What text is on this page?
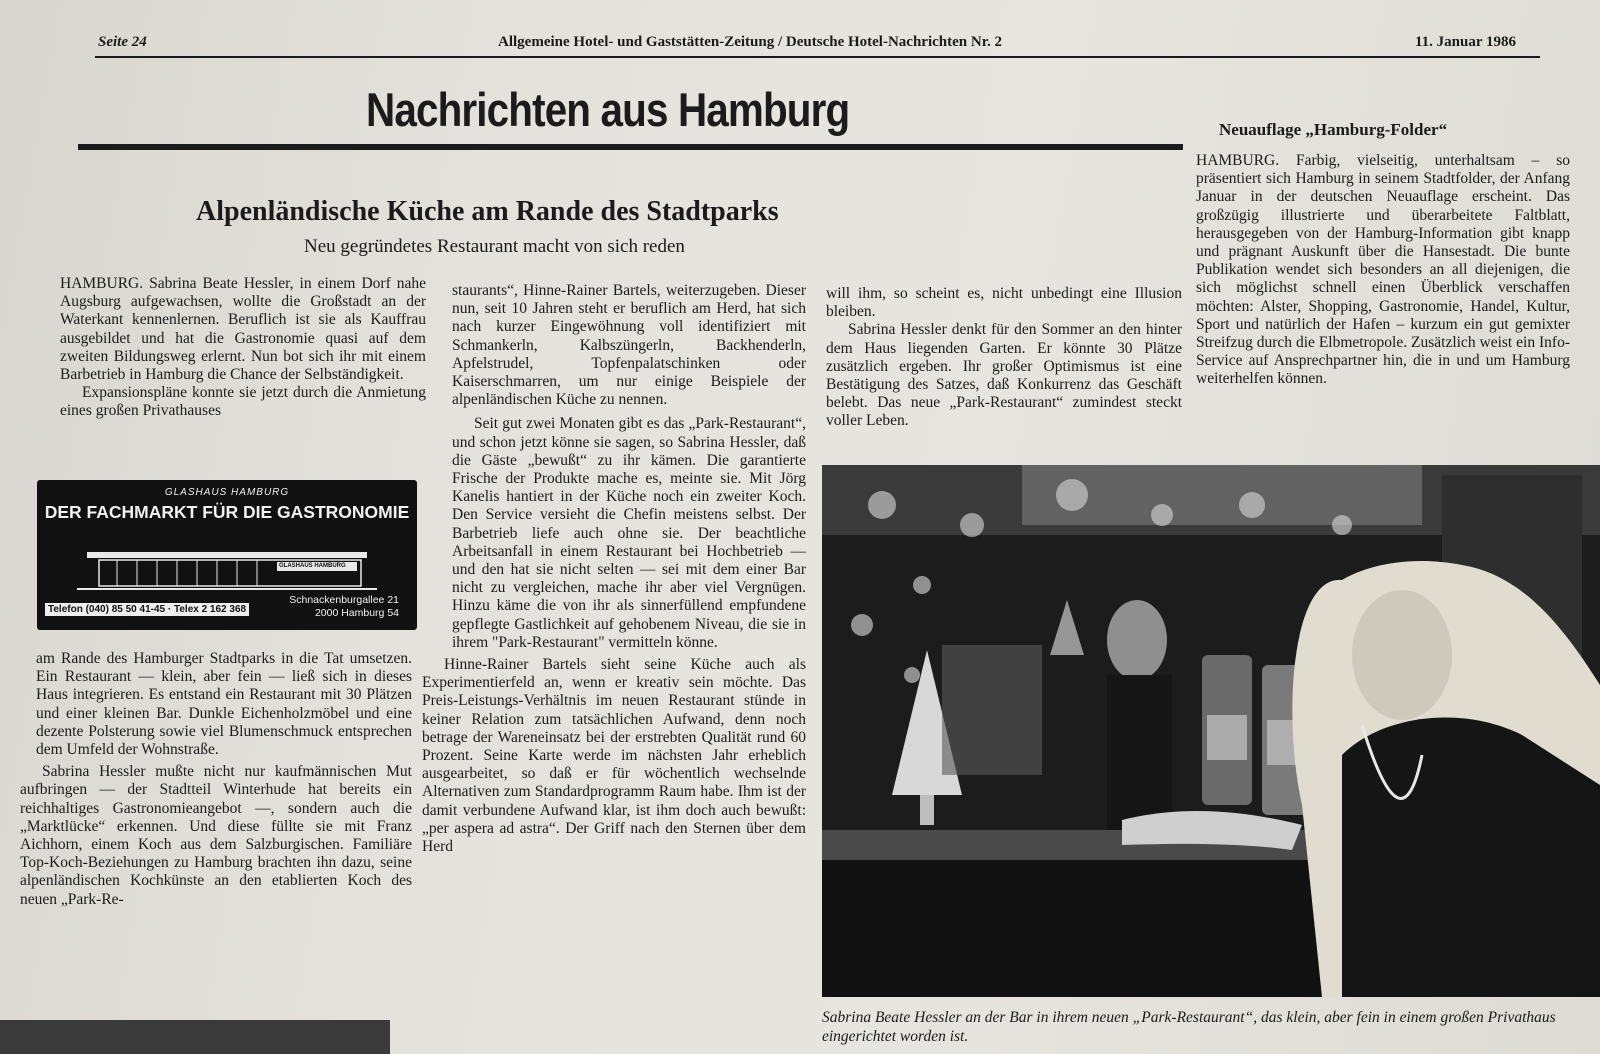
Seite 24	Allgemeine Hotel- und Gaststätten-Zeitung / Deutsche Hotel-Nachrichten Nr. 2	11. Januar 1986
Nachrichten aus Hamburg	Neuauflage „Hamburg-Folder“

HAMBURG. Farbig, vielseitig, unterhaltsam – so präsentiert sich Hamburg in seinem Stadtfolder, der Anfang Januar in der deutschen Neuauflage erscheint. Das großzügig illustrierte und überarbeitete Faltblatt, herausgegeben von der Hamburg-Information gibt knapp und prägnant Auskunft über die Hansestadt. Die bunte Publikation wendet sich besonders an all diejenigen, die sich möglichst schnell einen Überblick verschaffen möchten: Alster, Shopping, Gastronomie, Handel, Kultur, Sport und natürlich der Hafen – kurzum ein gut gemixter Streifzug durch die Elbmetropole. Zusätzlich weist ein Info-Service auf Ansprechpartner hin, die in und um Hamburg weiterhelfen können.

Alpenländische Küche am Rande des Stadtparks
Neu gegründetes Restaurant macht von sich reden

HAMBURG. Sabrina Beate Hessler, in einem Dorf nahe Augsburg aufgewachsen, wollte die Großstadt an der Waterkant kennenlernen. Beruflich ist sie als Kauffrau ausgebildet und hat die Gastronomie quasi auf dem zweiten Bildungsweg erlernt. Nun bot sich ihr mit einem Barbetrieb in Hamburg die Chance der Selbständigkeit.

Expansionspläne konnte sie jetzt durch die Anmietung eines großen Privathauses

GLASHAUS HAMBURG
DER FACHMARKT FÜR DIE GASTRONOMIE
GLASHAUS HAMBURG
Telefon (040) 85 50 41-45 · Telex 2 162 368
Schnackenburgallee 21
2000 Hamburg 54

am Rande des Hamburger Stadtparks in die Tat umsetzen. Ein Restaurant — klein, aber fein — ließ sich in dieses Haus integrieren. Es entstand ein Restaurant mit 30 Plätzen und einer kleinen Bar. Dunkle Eichenholzmöbel und eine dezente Polsterung sowie viel Blumenschmuck entsprechen dem Umfeld der Wohnstraße.

Sabrina Hessler mußte nicht nur kaufmännischen Mut aufbringen — der Stadtteil Winterhude hat bereits ein reichhaltiges Gastronomieangebot —, sondern auch die „Marktlücke“ erkennen. Und diese füllte sie mit Franz Aichhorn, einem Koch aus dem Salzburgischen. Familiäre Top-Koch-Beziehungen zu Hamburg brachten ihn dazu, seine alpenländischen Kochkünste an den etablierten Koch des neuen „Park-Re-

staurants“, Hinne-Rainer Bartels, weiterzugeben. Dieser nun, seit 10 Jahren steht er beruflich am Herd, hat sich nach kurzer Eingewöhnung voll identifiziert mit Schmankerln, Kalbszüngerln, Backhenderln, Apfelstrudel, Topfenpalatschinken oder Kaiserschmarren, um nur einige Beispiele der alpenländischen Küche zu nennen.

Seit gut zwei Monaten gibt es das „Park-Restaurant“, und schon jetzt könne sie sagen, so Sabrina Hessler, daß die Gäste „bewußt“ zu ihr kämen. Die garantierte Frische der Produkte mache es, meinte sie. Mit Jörg Kanelis hantiert in der Küche noch ein zweiter Koch. Den Service versieht die Chefin meistens selbst. Der Barbetrieb liefe auch ohne sie. Der beachtliche Arbeitsanfall in einem Restaurant bei Hochbetrieb — und den hat sie nicht selten — sei mit dem einer Bar nicht zu vergleichen, mache ihr aber viel Vergnügen. Hinzu käme die von ihr als sinnerfüllend empfundene gepflegte Gastlichkeit auf gehobenem Niveau, die sie in ihrem "Park-Restaurant" vermitteln könne.

Hinne-Rainer Bartels sieht seine Küche auch als Experimentierfeld an, wenn er kreativ sein möchte. Das Preis-Leistungs-Verhältnis im neuen Restaurant stünde in keiner Relation zum tatsächlichen Aufwand, denn noch betrage der Wareneinsatz bei der erstrebten Qualität rund 60 Prozent. Seine Karte werde im nächsten Jahr erheblich ausgearbeitet, so daß er für wöchentlich wechselnde Alternativen zum Standardprogramm Raum habe. Ihm ist der damit verbundene Aufwand klar, ist ihm doch auch bewußt: „per aspera ad astra“. Der Griff nach den Sternen über dem Herd

will ihm, so scheint es, nicht unbedingt eine Illusion bleiben.

Sabrina Hessler denkt für den Sommer an den hinter dem Haus liegenden Garten. Er könnte 30 Plätze zusätzlich ergeben. Ihr großer Optimismus ist eine Bestätigung des Satzes, daß Konkurrenz das Geschäft belebt. Das neue „Park-Restaurant“ zumindest steckt voller Leben.

Sabrina Beate Hessler an der Bar in ihrem neuen „Park-Restaurant“, das klein, aber fein in einem großen Privathaus eingerichtet worden ist.
